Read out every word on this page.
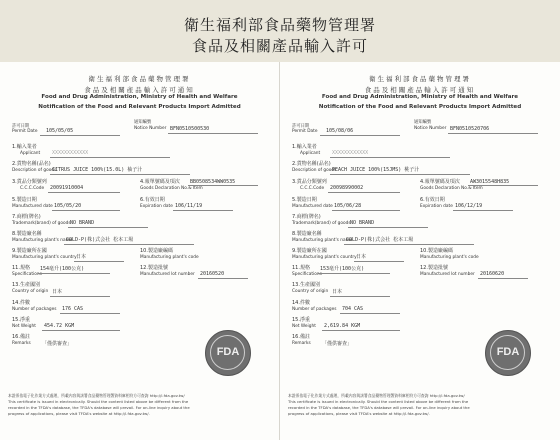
衛生福利部食品藥物管理署
食品及相關產品輸入許可
衛生福利部食品藥物管理署
食品及相關產品輸入許可通知
Food and Drug Administration, Ministry of Health and Welfare
Notification of the Food and Relevant Products Import Admitted
許可日期
Permit Date 105/05/05
通知編號
Notice Number BFN0510500530
1.輸入業者
Applicant XXXXXXXXXXXX
2.貨物名稱(品名)
Description of goods
CITRUS JUICE 100%(15.0L) 柚子汁
3.貨品分類號列
C.C.C.Code 20091910004
4.報單號碼及項次
Goods Declaration No.& Item
BB0508534WW0535
5.製造日期
Manufactured date 105/05/20
6.有效日期
Expiration date 106/11/19
7.商標(牌名)
Trademark(brand) of goods NO BRAND
8.製造廠名稱
Manufacturing plant's name
GOLD-P(株)式会社 松本工場
9.製造廠所在國
Manufacturing plant's country 日本
10.製造廠編碼
Manufacturing plant's code
11.規格
Specifications
154毫升(100公克)	12.製造批號
Manufactured lot number 20160520
13.生產國別
Country of origin 日本
14.件數
Number of packages 176 CAS
15.淨重
Net Weight 454.72 KGM
16.備註
Remarks 「僅供審查」
FDA
本證係依電子化作業方式處理，所載內容與該署食品藥物管理署資料庫相符方可查詢 http://i.fda.gov.tw/
This certificate is issued in electronically. Should the content listed above be different from the
recorded in the TFDA's database, the TFDA's database will prevail. For on-line inquiry about the
progress of applications, please visit TFDA's website at http://i.fda.gov.tw/.
衛生福利部食品藥物管理署
食品及相關產品輸入許可通知
Food and Drug Administration, Ministry of Health and Welfare
Notification of the Food and Relevant Products Import Admitted
許可日期
Permit Date 105/08/06
通知編號
Notice Number BFN0510520706
1.輸入業者
Applicant XXXXXXXXXXXX
2.貨物名稱(品名)
Description of goods
PEACH JUICE 100%(15JMS) 桃子汁
3.貨品分類號列
C.C.C.Code 20098990002
4.報單號碼及項次
Goods Declaration No.& Item
AW3015548H835
5.製造日期
Manufactured date 105/06/28
6.有效日期
Expiration date 106/12/19
7.商標(牌名)
Trademark(brand) of goods NO BRAND
8.製造廠名稱
Manufacturing plant's name
GOLD-P(株)式会社 松本工場
9.製造廠所在國
Manufacturing plant's country 日本
10.製造廠編碼
Manufacturing plant's code
11.規格
Specifications
153毫升(100公克)	12.製造批號
Manufactured lot number 20160620
13.生產國別
Country of origin 日本
14.件數
Number of packages 704 CAS
15.淨重
Net Weight 2,619.84 KGM
16.備註
Remarks 「僅供審查」
FDA
本證係依電子化作業方式處理，所載內容與該署食品藥物管理署資料庫相符方可查詢 http://i.fda.gov.tw/
This certificate is issued in electronically. Should the content listed above be different from the
recorded in the TFDA's database, the TFDA's database will prevail. For on-line inquiry about the
progress of applications, please visit TFDA's website at http://i.fda.gov.tw/.
